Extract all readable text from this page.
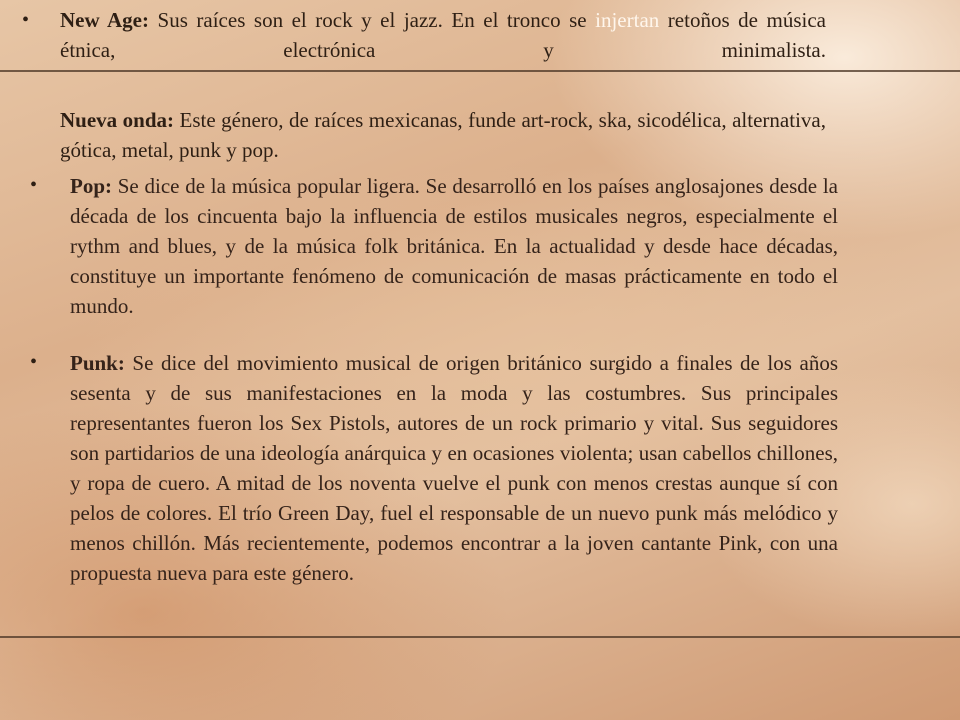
• New Age: Sus raíces son el rock y el jazz. En el tronco se injertan retoños de música étnica, electrónica y minimalista.
Nueva onda: Este género, de raíces mexicanas, funde art-rock, ska, sicodélica, alternativa, gótica, metal, punk y pop.
• Pop: Se dice de la música popular ligera. Se desarrolló en los países anglosajones desde la década de los cincuenta bajo la influencia de estilos musicales negros, especialmente el rythm and blues, y de la música folk británica. En la actualidad y desde hace décadas, constituye un importante fenómeno de comunicación de masas prácticamente en todo el mundo.
• Punk: Se dice del movimiento musical de origen británico surgido a finales de los años sesenta y de sus manifestaciones en la moda y las costumbres. Sus principales representantes fueron los Sex Pistols, autores de un rock primario y vital. Sus seguidores son partidarios de una ideología anárquica y en ocasiones violenta; usan cabellos chillones, y ropa de cuero. A mitad de los noventa vuelve el punk con menos crestas aunque sí con pelos de colores. El trío Green Day, fuel el responsable de un nuevo punk más melódico y menos chillón. Más recientemente, podemos encontrar a la joven cantante Pink, con una propuesta nueva para este género.
